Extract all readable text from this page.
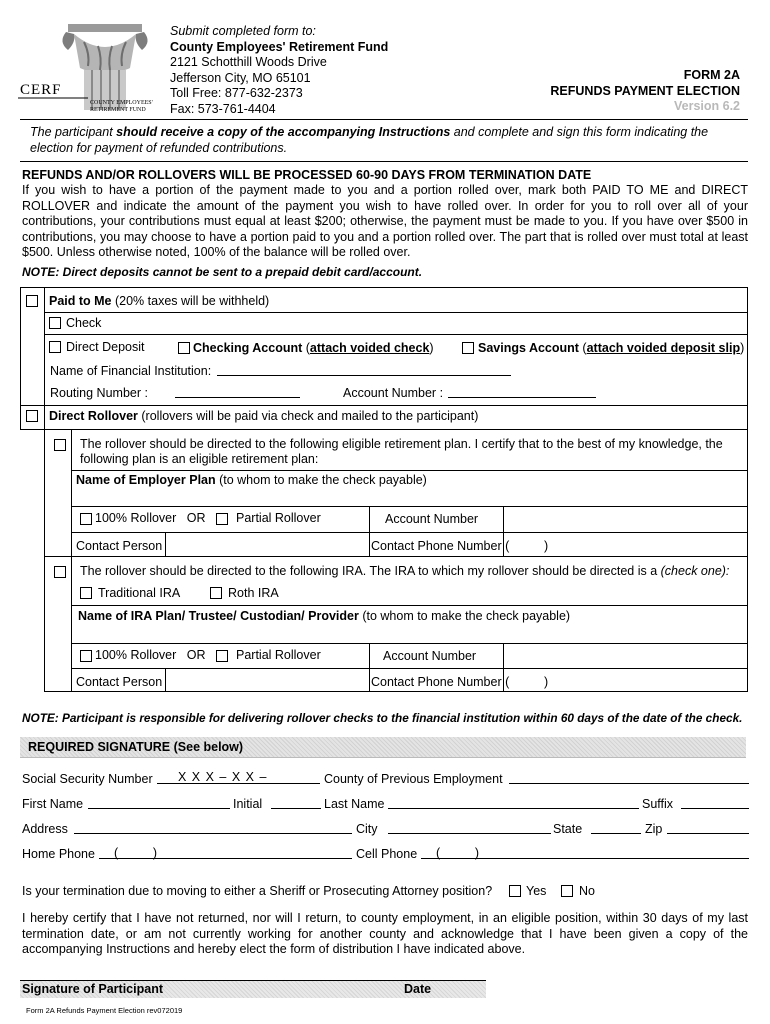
CERF
COUNTY EMPLOYEES'
RETIREMENT FUND
Submit completed form to:
County Employees' Retirement Fund
2121 Schotthill Woods Drive
Jefferson City, MO 65101
Toll Free: 877-632-2373
Fax: 573-761-4404
FORM 2A
REFUNDS PAYMENT ELECTION
Version 6.2
The participant should receive a copy of the accompanying Instructions and complete and sign this form indicating the election for payment of refunded contributions.
REFUNDS AND/OR ROLLOVERS WILL BE PROCESSED 60-90 DAYS FROM TERMINATION DATE
If you wish to have a portion of the payment made to you and a portion rolled over, mark both PAID TO ME and DIRECT ROLLOVER and indicate the amount of the payment you wish to have rolled over. In order for you to roll over all of your contributions, your contributions must equal at least $200; otherwise, the payment must be made to you. If you have over $500 in contributions, you may choose to have a portion paid to you and a portion rolled over. The part that is rolled over must total at least $500. Unless otherwise noted, 100% of the balance will be rolled over.
NOTE: Direct deposits cannot be sent to a prepaid debit card/account.
Paid to Me (20% taxes will be withheld)
Check
Direct Deposit	Checking Account (attach voided check)	Savings Account (attach voided deposit slip)
Name of Financial Institution:
Routing Number :	Account Number :
Direct Rollover (rollovers will be paid via check and mailed to the participant)
The rollover should be directed to the following eligible retirement plan. I certify that to the best of my knowledge, the following plan is an eligible retirement plan:
Name of Employer Plan (to whom to make the check payable)
100% Rollover OR Partial Rollover	Account Number
Contact Person	Contact Phone Number (          )
The rollover should be directed to the following IRA. The IRA to which my rollover should be directed is a (check one):
Traditional IRA	Roth IRA
Name of IRA Plan/ Trustee/ Custodian/ Provider (to whom to make the check payable)
100% Rollover OR Partial Rollover	Account Number
Contact Person	Contact Phone Number (          )
NOTE: Participant is responsible for delivering rollover checks to the financial institution within 60 days of the date of the check.
REQUIRED SIGNATURE (See below)
Social Security Number X X X – X X –	County of Previous Employment
First Name	Initial	Last Name	Suffix
Address	City	State	Zip
Home Phone (          )	Cell Phone (          )
Is your termination due to moving to either a Sheriff or Prosecuting Attorney position?	Yes	No
I hereby certify that I have not returned, nor will I return, to county employment, in an eligible position, within 30 days of my last termination date, or am not currently working for another county and acknowledge that I have been given a copy of the accompanying Instructions and hereby elect the form of distribution I have indicated above.
Signature of Participant	Date
Form 2A Refunds Payment Election rev072019
